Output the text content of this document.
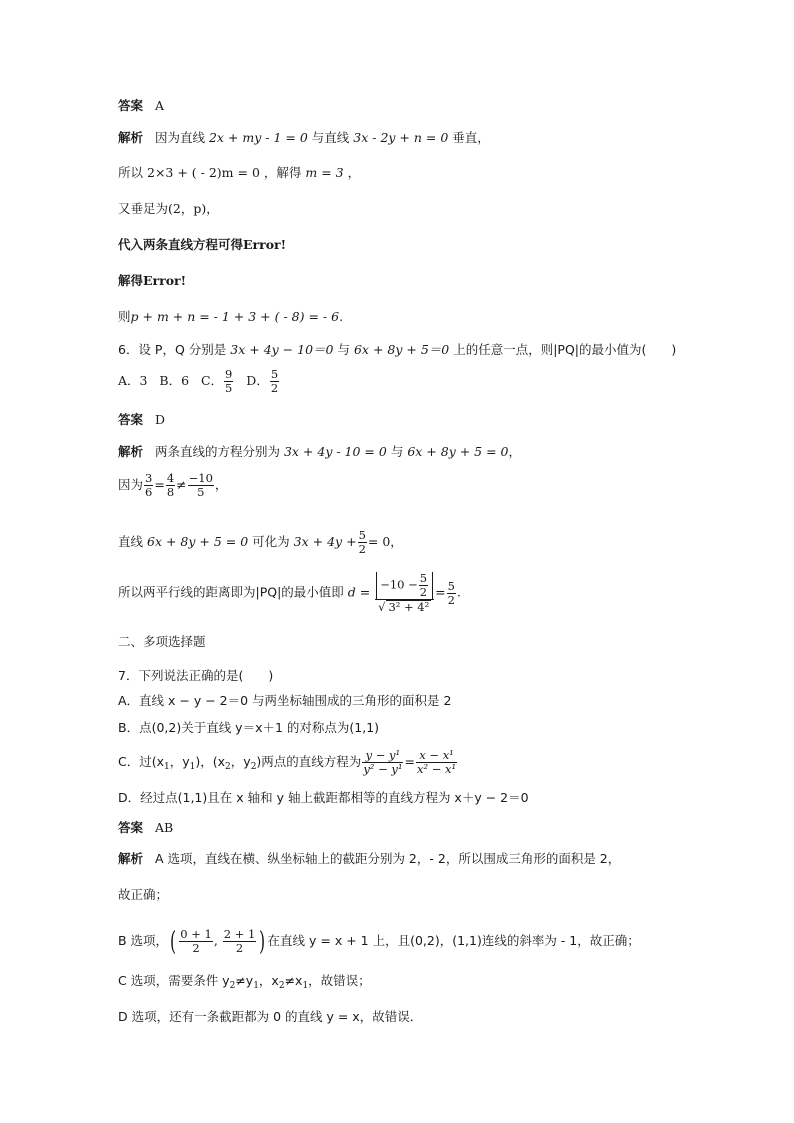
答案 A
解析 因为直线 2x + my - 1 = 0 与直线 3x - 2y + n = 0 垂直，
所以 2×3 + ( - 2)m = 0 ，解得 m = 3 ，
又垂足为(2，p)，
代入两条直线方程可得Error!
解得Error!
则p + m + n = - 1 + 3 + ( - 8) = - 6.
6．设 P，Q 分别是 3x + 4y − 10＝0 与 6x + 8y + 5＝0 上的任意一点，则|PQ|的最小值为(　　)
A．3 B．6 C． $\frac{9}{5}$ D． $\frac{5}{2}$
答案 D
解析 两条直线的方程分别为 3x + 4y - 10 = 0 与 6x + 8y + 5 = 0，
因为 $\frac{3}{6} = \frac{4}{8} \ne \frac{-10}{5}$ ，
直线 6x + 8y + 5 = 0 可化为 $3x + 4y + \frac{5}{2} = 0$，
所以两平行线的距离即为|PQ|的最小值即 $d = \frac{-10 - \frac{5}{2}}{\text{√ 3² + 4²}} = \frac{5}{2}$ .
二、多项选择题
7．下列说法正确的是(　　)
A．直线 x − y − 2＝0 与两坐标轴围成的三角形的面积是 2
B．点(0,2)关于直线 y＝x＋1 的对称点为(1,1)
C．过($x_1$，$y_1$)，($x_2$，$y_2$)两点的直线方程为 $\frac{\text{y − y¹}}{\text{y² − y¹}} = \frac{\text{x − x¹}}{\text{x² − x¹}}$
D．经过点(1,1)且在 x 轴和 y 轴上截距都相等的直线方程为 x＋y − 2＝0
答案 AB
解析 A 选项，直线在横、纵坐标轴上的截距分别为 2，- 2，所以围成三角形的面积是 2，
故正确；
B 选项，( $\frac{0 + 1}{2}$ , $\frac{2 + 1}{2}$ ) 在直线 y = x + 1 上，且(0,2)，(1,1)连线的斜率为 - 1，故正确；
C 选项，需要条件 $y_2\ne y_1$，$x_2\ne x_1$，故错误；
D 选项，还有一条截距都为 0 的直线 y = x，故错误．
